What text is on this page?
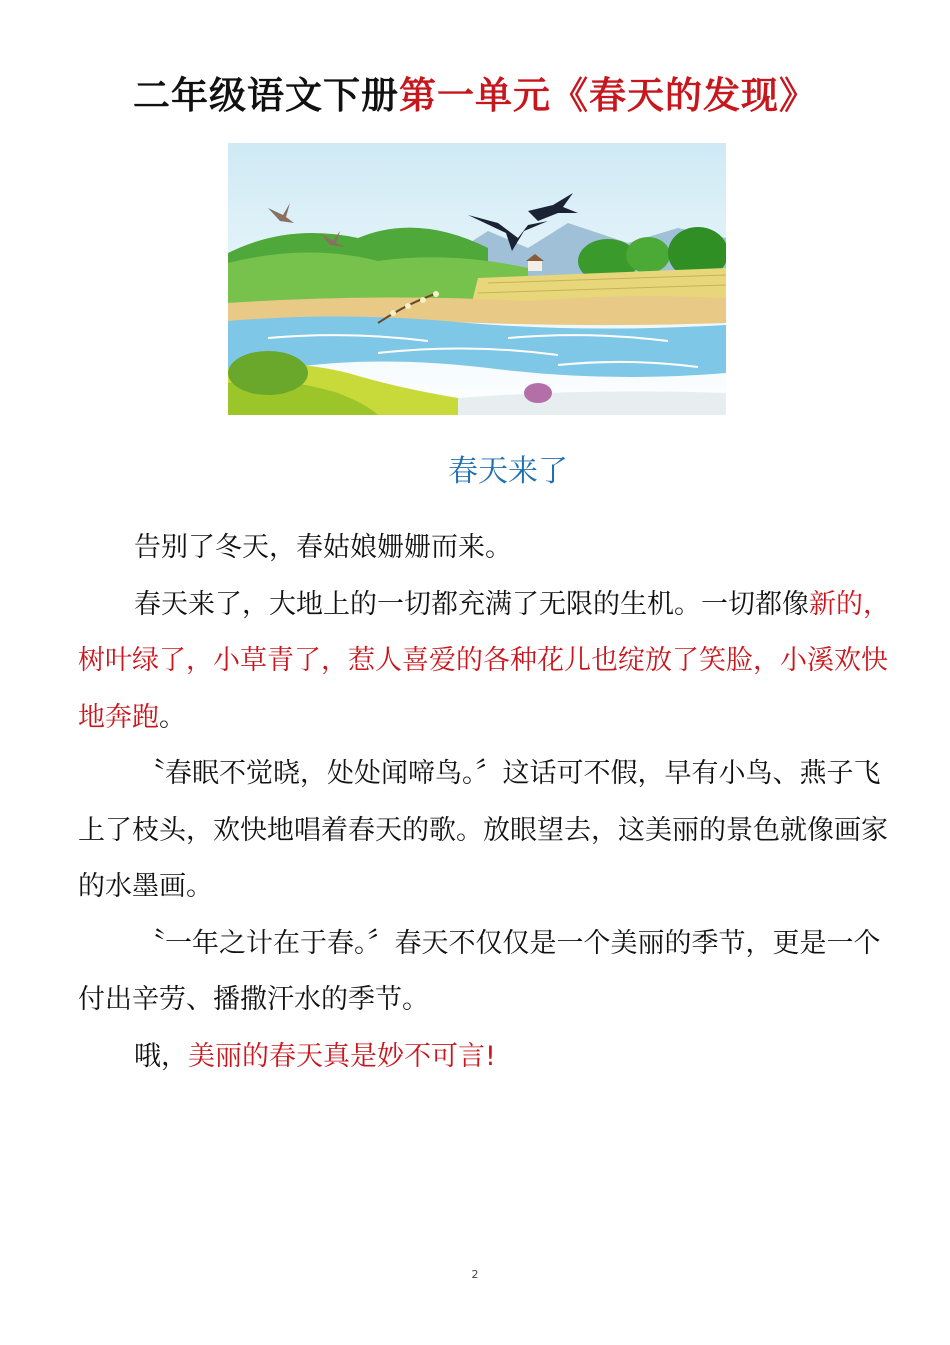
二年级语文下册第一单元《春天的发现》
春天来了

告别了冬天，春姑娘姗姗而来。

春天来了，大地上的一切都充满了无限的生机。一切都像新的，树叶绿了，小草青了，惹人喜爱的各种花儿也绽放了笑脸，小溪欢快地奔跑。

〝春眠不觉晓，处处闻啼鸟。〞这话可不假，早有小鸟、燕子飞上了枝头，欢快地唱着春天的歌。放眼望去，这美丽的景色就像画家的水墨画。

〝一年之计在于春。〞春天不仅仅是一个美丽的季节，更是一个付出辛劳、播撒汗水的季节。

哦，美丽的春天真是妙不可言!

2
